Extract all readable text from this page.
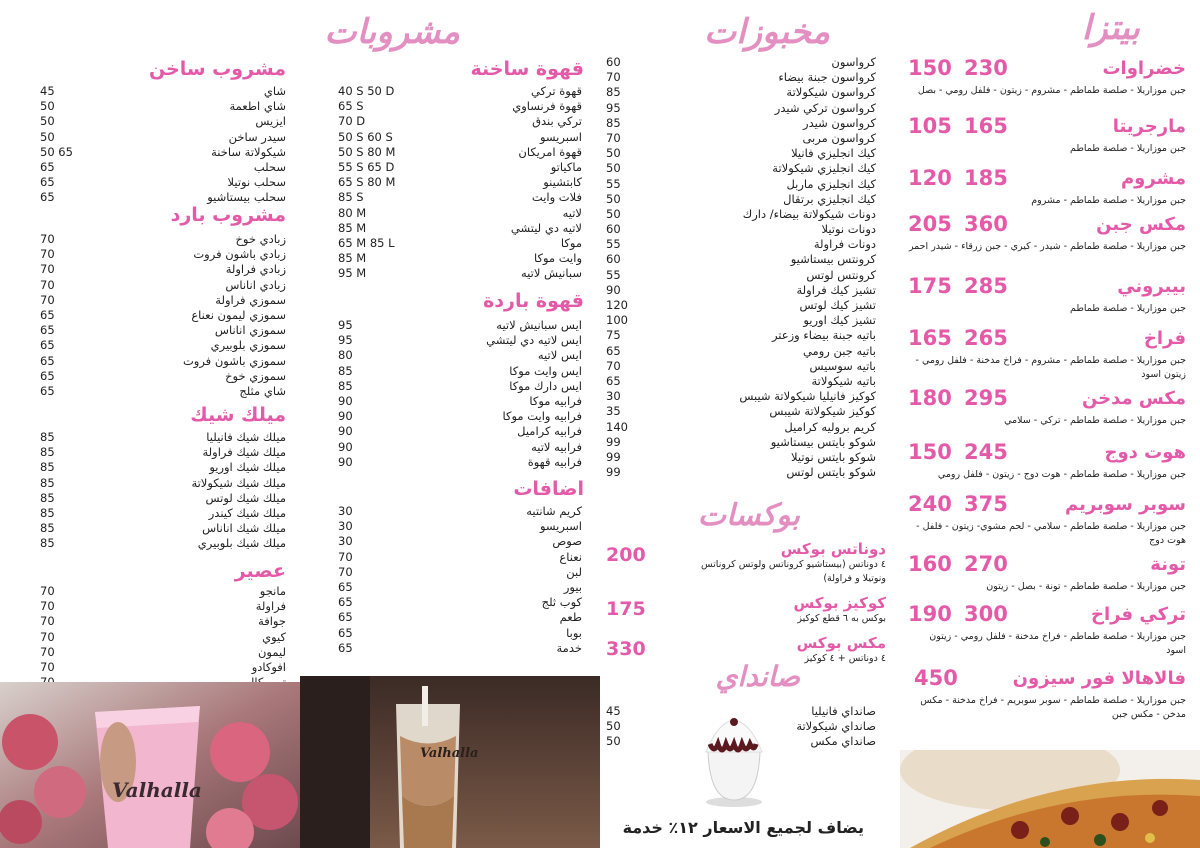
بيتزا
مخبوزات
مشروبات
بوكسات
صانداي
خضراوات
150 230
جبن موزاريلا - صلصة طماطم - مشروم - زيتون - فلفل رومي - بصل
مارجريتا
105 165
جبن موزاريلا - صلصة طماطم
مشروم
120 185
جبن موزاريلا - صلصة طماطم - مشروم
مكس جبن
205 360
جبن موزاريلا - صلصة طماطم - شيدر - كيري - جبن زرقاء - شيدر احمر
بيبروني
175 285
جبن موزاريلا - صلصة طماطم
فراخ
165 265
جبن موزاريلا - صلصة طماطم - مشروم - فراخ مدخنة - فلفل رومي - زيتون اسود
مكس مدخن
180 295
جبن موزاريلا - صلصة طماطم - تركي - سلامي
هوت دوج
150 245
جبن موزاريلا - صلصة طماطم - هوت دوج - زيتون - فلفل رومي
سوبر سوبريم
240 375
جبن موزاريلا - صلصة طماطم - سلامي - لحم مشوي- زيتون - فلفل - هوت دوج
تونة
160 270
جبن موزاريلا - صلصة طماطم - تونة - بصل - زيتون
تركي فراخ
190 300
جبن موزاريلا - صلصة طماطم - فراخ مدخنة - فلفل رومي - زيتون اسود
فالاهالا فور سيزون
450
جبن موزاريلا - صلصة طماطم - سوبر سوبريم - فراخ مدخنة - مكس مدخن - مكس جبن
60	كرواسون
70	كرواسون جبنة بيضاء
85	كرواسون شيكولاتة
95	كرواسون تركي شيدر
85	كرواسون شيدر
70	كرواسون مربى
50	كيك انجليزي فانيلا
50	كيك انجليزي شيكولاتة
55	كيك انجليزي ماربل
50	كيك انجليزي برتقال
50	دونات شيكولاتة بيضاء/ دارك
60	دونات نوتيلا
55	دونات فراولة
60	كرونتس بيستاشيو
55	كرونتس لوتس
90	تشيز كيك فراولة
120	تشيز كيك لوتس
100	تشيز كيك اوريو
75	باتيه جبنة بيضاء وزعتر
65	باتيه جبن رومي
70	باتيه سوسيس
65	باتيه شيكولاتة
30	كوكيز فانيليا شيكولاتة شيبس
35	كوكيز شيكولاتة شيبس
140	كريم بروليه كراميل
99	شوكو بايتس بيستاشيو
99	شوكو بايتس نوتيلا
99	شوكو بايتس لوتس
دوناتس بوكس
200	٤ دوناتس (بيستاشيو كروناتس ولوتس كروناتس ونوتيلا و فراولة)
كوكيز بوكس
175	بوكس به ٦ قطع كوكيز
مكس بوكس
330	٤ دوناتس + ٤ كوكيز
45	صانداي فانيليا
50	صانداي شيكولاتة
50	صانداي مكس
قهوة ساخنة
40 S 50 D	قهوة تركي
65 S	قهوة فرنساوي
70 D	تركي بندق
50 S 60 S	اسبريسو
50 S 80 M	قهوة امريكان
55 S 65 D	ماكياتو
65 S 80 M	كابتشينو
85 S	فلات وايت
80 M	لاتيه
85 M	لاتيه دي ليتشي
65 M 85 L	موكا
85 M	وايت موكا
95 M	سبانيش لاتيه
قهوة باردة
95	ايس سبانيش لاتيه
95	ايس لاتيه دي ليتشي
80	ايس لاتيه
85	ايس وايت موكا
85	ايس دارك موكا
90	فرابيه موكا
90	فرابيه وايت موكا
90	فرابيه كراميل
90	فرابيه لاتيه
90	فرابيه قهوة
اضافات
30	كريم شانتيه
30	اسبريسو
30	صوص
70	نعناع
70	لبن
65	بيور
65	كوب ثلج
65	طعم
65	بوبا
65	خدمة
مشروب ساخن
45	شاي
50	شاي اطعمة
50	ايزيس
50	سيدر ساخن
50 65	شيكولاتة ساخنة
65	سحلب
65	سحلب نوتيلا
65	سحلب بيستاشيو
مشروب بارد
70	زبادي خوخ
70	زبادي باشون فروت
70	زبادي فراولة
70	زبادي اناناس
70	سموزي فراولة
65	سموزي ليمون نعناع
65	سموزي اناناس
65	سموزي بلوبيري
65	سموزي باشون فروت
65	سموزي خوخ
65	شاي مثلج
ميلك شيك
85	ميلك شيك فانيليا
85	ميلك شيك فراولة
85	ميلك شيك اوريو
85	ميلك شيك شيكولاتة
85	ميلك شيك لوتس
85	ميلك شيك كيندر
85	ميلك شيك اناناس
85	ميلك شيك بلوبيري
عصير
70	مانجو
70	فراولة
70	جوافة
70	كيوي
70	ليمون
70	افوكادو
Valhalla
Valhalla
يضاف لجميع الاسعار ١٢٪ خدمة
